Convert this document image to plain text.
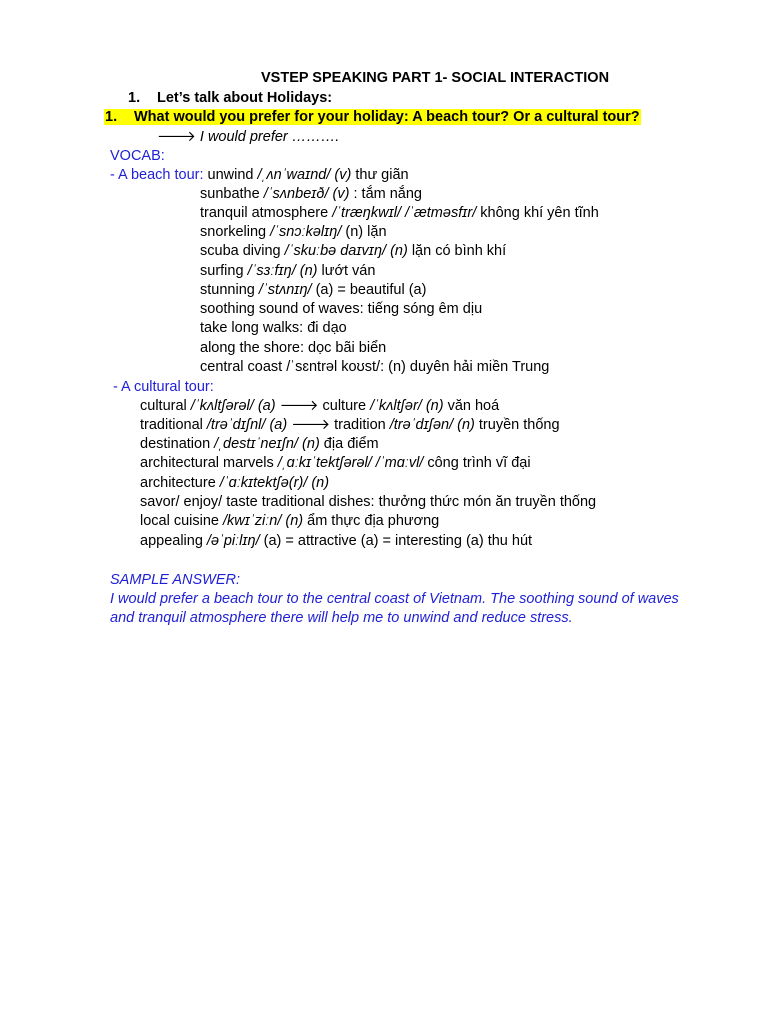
VSTEP SPEAKING PART 1- SOCIAL INTERACTION
1. Let’s talk about Holidays:
1. What would you prefer for your holiday: A beach tour? Or a cultural tour?
🡒 I would prefer ……….
VOCAB:
- A beach tour: unwind /ˌʌnˈwaɪnd/ (v) thư giãn
sunbathe /ˈsʌnbeɪð/ (v) : tắm nắng
tranquil atmosphere /ˈtræŋkwɪl/ /ˈætməsfɪr/ không khí yên tĩnh
snorkeling /ˈsnɔːkəlɪŋ/ (n) lặn
scuba diving /ˈskuːbə daɪvɪŋ/ (n) lặn có bình khí
surfing /ˈsɜːfɪŋ/ (n) lướt ván
stunning /ˈstʌnɪŋ/ (a) = beautiful (a)
soothing sound of waves: tiếng sóng êm dịu
take long walks: đi dạo
along the shore: dọc bãi biển
central coast /ˈsɛntrəl koʊst/: (n) duyên hải miền Trung
- A cultural tour:
cultural /ˈkʌltʃərəl/ (a) 🡒 culture /ˈkʌltʃər/ (n) văn hoá
traditional /trəˈdɪʃnl/ (a) 🡒 tradition /trəˈdɪʃən/ (n) truyền thống
destination /ˌdestɪˈneɪʃn/ (n) địa điểm
architectural marvels /ˌɑːkɪˈtektʃərəl/ /ˈmɑːvl/ công trình vĩ đại
architecture /ˈɑːkɪtektʃə(r)/ (n)
savor/ enjoy/ taste traditional dishes: thưởng thức món ăn truyền thống
local cuisine /kwɪˈziːn/ (n) ẩm thực địa phương
appealing /əˈpiːlɪŋ/ (a) = attractive (a) = interesting (a) thu hút
SAMPLE ANSWER:
I would prefer a beach tour to the central coast of Vietnam. The soothing sound of waves and tranquil atmosphere there will help me to unwind and reduce stress.
